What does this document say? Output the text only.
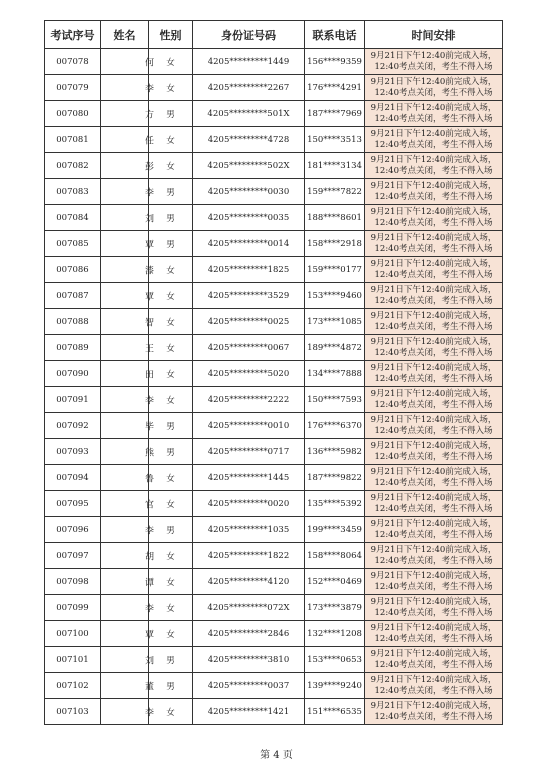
考试序号	姓名	性别	身份证号码	联系电话	时间安排
007078	何	女	4205*********1449	156****9359	9月21日下午12:40前完成入场，
12:40考点关闭，考生不得入场

007079	李	女	4205*********2267	176****4291	9月21日下午12:40前完成入场，
12:40考点关闭，考生不得入场

007080	方	男	4205*********501X	187****7969	9月21日下午12:40前完成入场，
12:40考点关闭，考生不得入场

007081	任	女	4205*********4728	150****3513	9月21日下午12:40前完成入场，
12:40考点关闭，考生不得入场

007082	彭	女	4205*********502X	181****3134	9月21日下午12:40前完成入场，
12:40考点关闭，考生不得入场

007083	李	男	4205*********0030	159****7822	9月21日下午12:40前完成入场，
12:40考点关闭，考生不得入场

007084	刘	男	4205*********0035	188****8601	9月21日下午12:40前完成入场，
12:40考点关闭，考生不得入场

007085	覃	男	4205*********0014	158****2918	9月21日下午12:40前完成入场，
12:40考点关闭，考生不得入场

007086	漆	女	4205*********1825	159****0177	9月21日下午12:40前完成入场，
12:40考点关闭，考生不得入场

007087	覃	女	4205*********3529	153****9460	9月21日下午12:40前完成入场，
12:40考点关闭，考生不得入场

007088	智	女	4205*********0025	173****1085	9月21日下午12:40前完成入场，
12:40考点关闭，考生不得入场

007089	王	女	4205*********0067	189****4872	9月21日下午12:40前完成入场，
12:40考点关闭，考生不得入场

007090	田	女	4205*********5020	134****7888	9月21日下午12:40前完成入场，
12:40考点关闭，考生不得入场

007091	李	女	4205*********2222	150****7593	9月21日下午12:40前完成入场，
12:40考点关闭，考生不得入场

007092	毕	男	4205*********0010	176****6370	9月21日下午12:40前完成入场，
12:40考点关闭，考生不得入场

007093	熊	男	4205*********0717	136****5982	9月21日下午12:40前完成入场，
12:40考点关闭，考生不得入场

007094	鲁	女	4205*********1445	187****9822	9月21日下午12:40前完成入场，
12:40考点关闭，考生不得入场

007095	官	女	4205*********0020	135****5392	9月21日下午12:40前完成入场，
12:40考点关闭，考生不得入场

007096	李	男	4205*********1035	199****3459	9月21日下午12:40前完成入场，
12:40考点关闭，考生不得入场

007097	胡	女	4205*********1822	158****8064	9月21日下午12:40前完成入场，
12:40考点关闭，考生不得入场

007098	谭	女	4205*********4120	152****0469	9月21日下午12:40前完成入场，
12:40考点关闭，考生不得入场

007099	李	女	4205*********072X	173****3879	9月21日下午12:40前完成入场，
12:40考点关闭，考生不得入场

007100	覃	女	4205*********2846	132****1208	9月21日下午12:40前完成入场，
12:40考点关闭，考生不得入场

007101	刘	男	4205*********3810	153****0653	9月21日下午12:40前完成入场，
12:40考点关闭，考生不得入场

007102	董	男	4205*********0037	139****9240	9月21日下午12:40前完成入场，
12:40考点关闭，考生不得入场

007103	李	女	4205*********1421	151****6535	9月21日下午12:40前完成入场，
12:40考点关闭，考生不得入场
第 4 页
